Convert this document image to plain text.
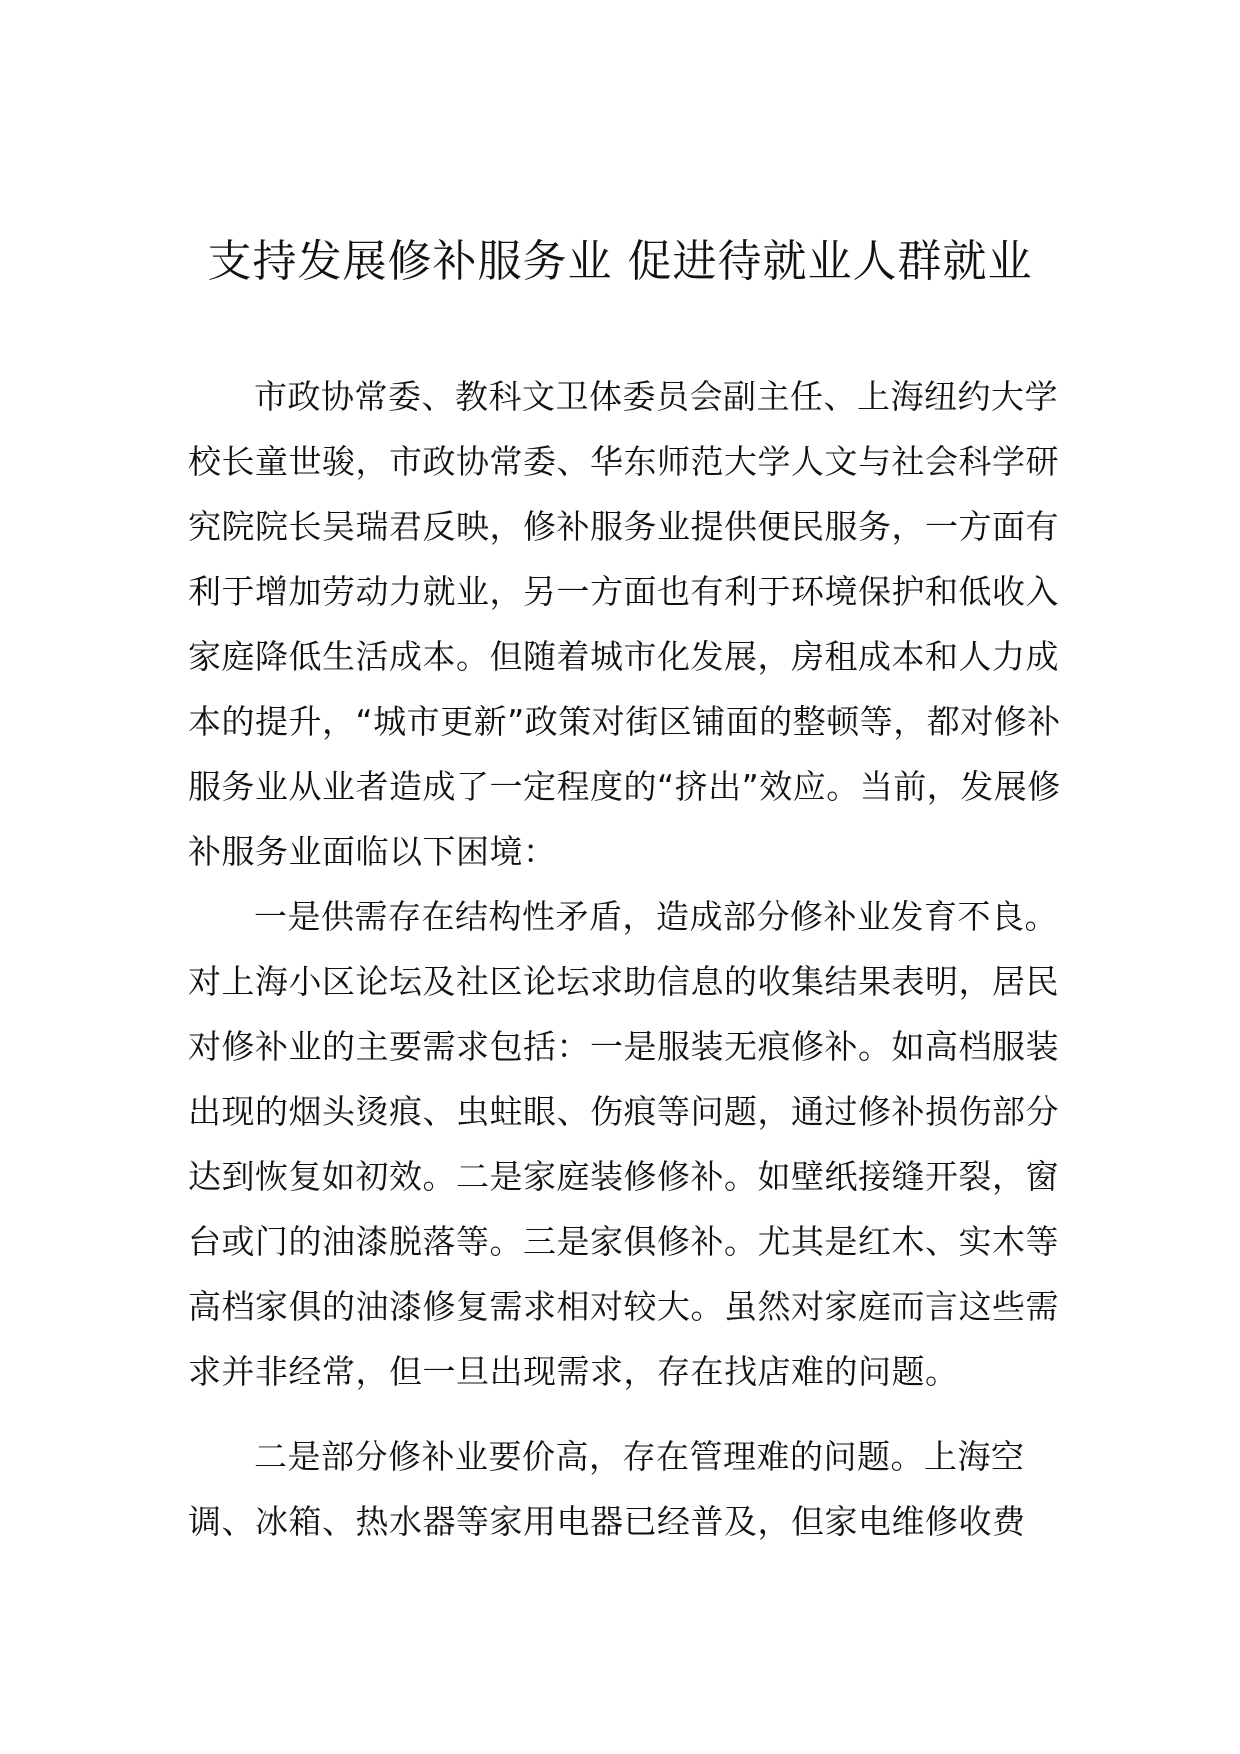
支持发展修补服务业 促进待就业人群就业

市政协常委、教科文卫体委员会副主任、上海纽约大学校长童世骏，市政协常委、华东师范大学人文与社会科学研究院院长吴瑞君反映，修补服务业提供便民服务，一方面有利于增加劳动力就业，另一方面也有利于环境保护和低收入家庭降低生活成本。但随着城市化发展，房租成本和人力成本的提升，“城市更新”政策对街区铺面的整顿等，都对修补服务业从业者造成了一定程度的“挤出”效应。当前，发展修补服务业面临以下困境：

一是供需存在结构性矛盾，造成部分修补业发育不良。对上海小区论坛及社区论坛求助信息的收集结果表明，居民对修补业的主要需求包括：一是服装无痕修补。如高档服装出现的烟头烫痕、虫蛀眼、伤痕等问题，通过修补损伤部分达到恢复如初效。二是家庭装修修补。如壁纸接缝开裂，窗台或门的油漆脱落等。三是家俱修补。尤其是红木、实木等高档家俱的油漆修复需求相对较大。虽然对家庭而言这些需求并非经常，但一旦出现需求，存在找店难的问题。

二是部分修补业要价高，存在管理难的问题。上海空调、冰箱、热水器等家用电器已经普及，但家电维修收费
